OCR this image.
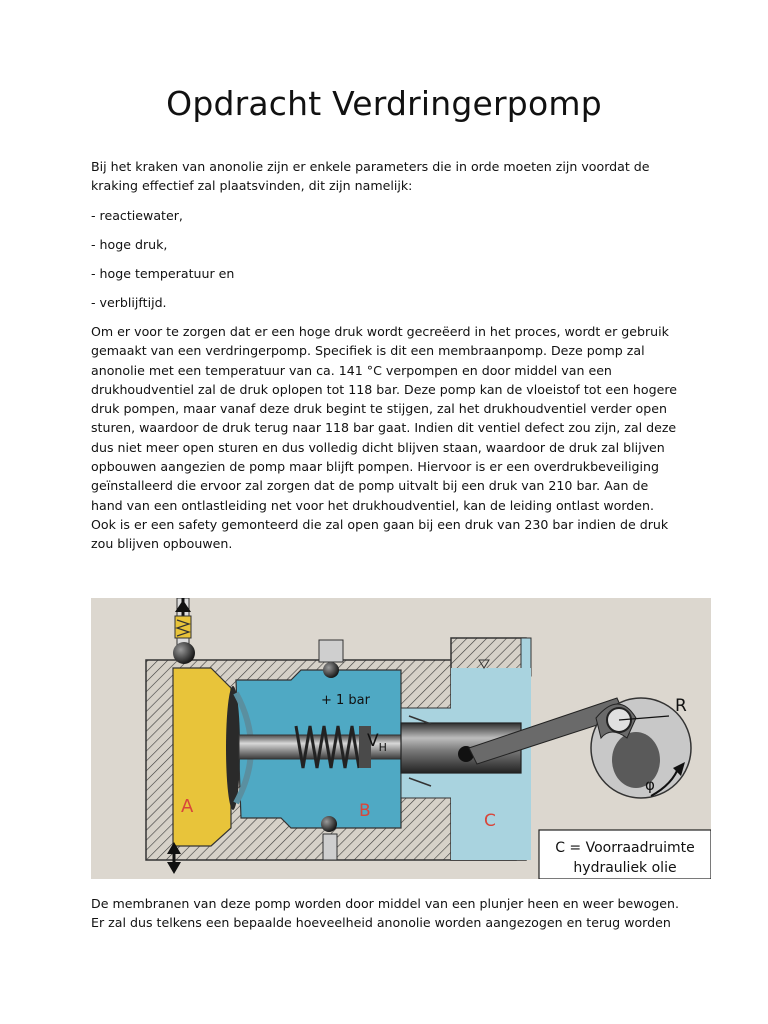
Opdracht Verdringerpomp

Bij het kraken van anonolie zijn er enkele parameters die in orde moeten zijn voordat de kraking effectief zal plaatsvinden, dit zijn namelijk:

- reactiewater,

- hoge druk,

- hoge temperatuur en

- verblijftijd.

Om er voor te zorgen dat er een hoge druk wordt gecreëerd in het proces, wordt er gebruik gemaakt van een verdringerpomp. Specifiek is dit een membraanpomp. Deze pomp zal anonolie met een temperatuur van ca. 141 °C verpompen en door middel van een drukhoudventiel zal de druk oplopen tot 118 bar. Deze pomp kan de vloeistof tot een hogere druk pompen, maar vanaf deze druk begint te stijgen, zal het drukhoudventiel verder open sturen, waardoor de druk terug naar 118 bar gaat. Indien dit ventiel defect zou zijn, zal deze dus niet meer open sturen en dus volledig dicht blijven staan, waardoor de druk zal blijven opbouwen aangezien de pomp maar blijft pompen. Hiervoor is er een overdrukbeveiliging geïnstalleerd die ervoor zal zorgen dat de pomp uitvalt bij een druk van 210 bar. Aan de hand van een ontlastleiding net voor het drukhoudventiel, kan de leiding ontlast worden. Ook is er een safety gemonteerd die zal open gaan bij een druk van 230 bar indien de druk zou blijven opbouwen.

+ 1 bar
$V_H$
A	B	C
R
φ
C = Voorraadruimte
hydrauliek olie

De membranen van deze pomp worden door middel van een plunjer heen en weer bewogen. Er zal dus telkens een bepaalde hoeveelheid anonolie worden aangezogen en terug worden
